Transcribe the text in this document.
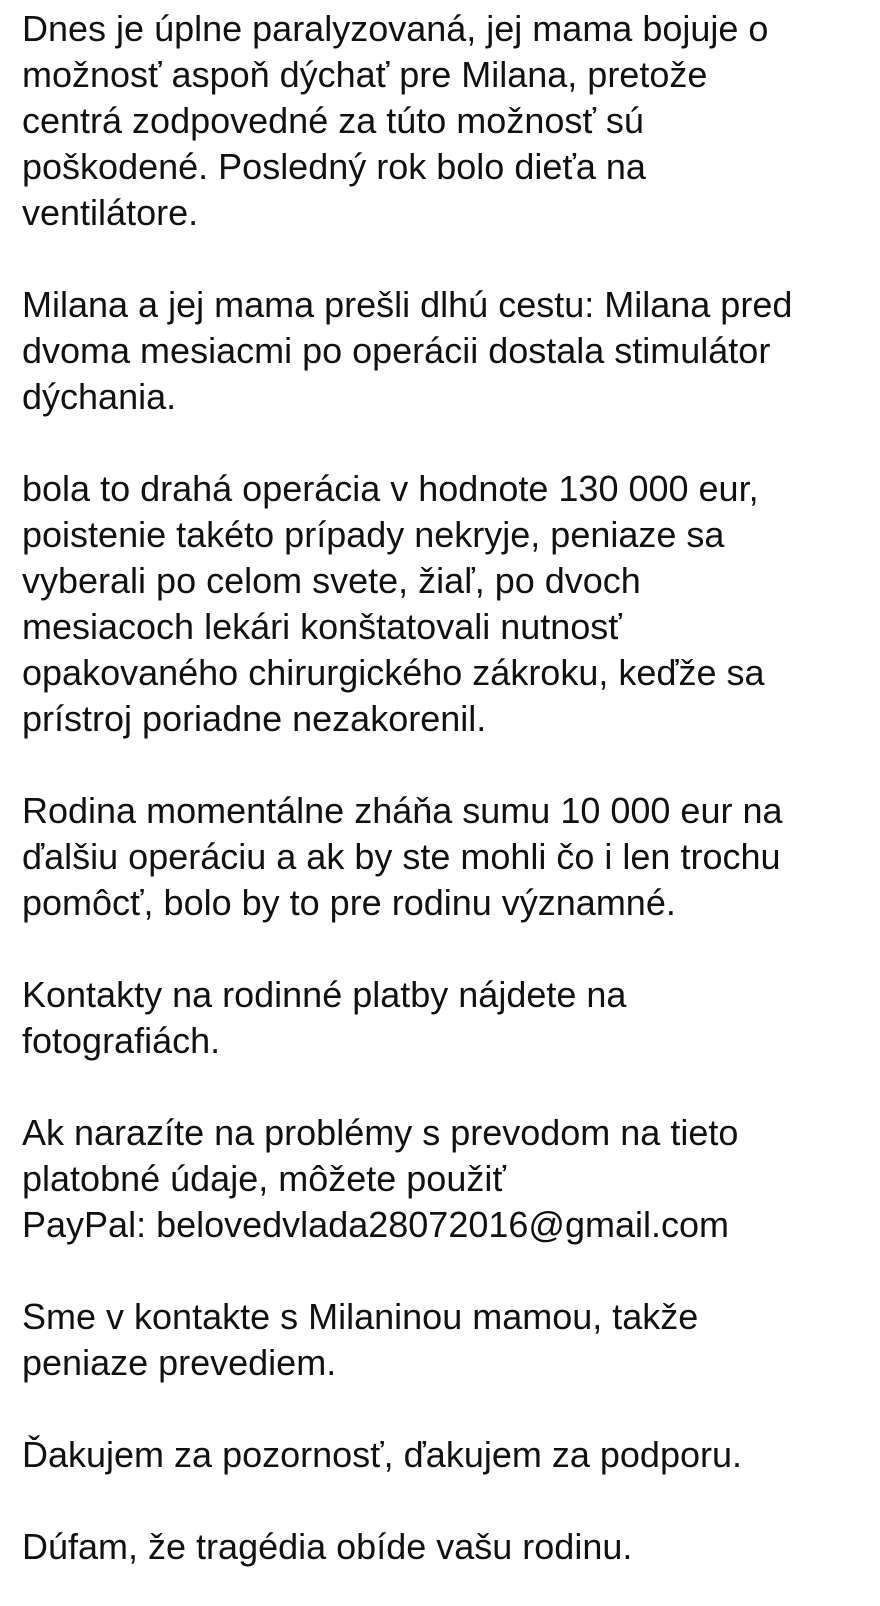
Dnes je úplne paralyzovaná, jej mama bojuje o
možnosť aspoň dýchať pre Milana, pretože
centrá zodpovedné za túto možnosť sú
poškodené. Posledný rok bolo dieťa na
ventilátore.

Milana a jej mama prešli dlhú cestu: Milana pred
dvoma mesiacmi po operácii dostala stimulátor
dýchania.

bola to drahá operácia v hodnote 130 000 eur,
poistenie takéto prípady nekryje, peniaze sa
vyberali po celom svete, žiaľ, po dvoch
mesiacoch lekári konštatovali nutnosť
opakovaného chirurgického zákroku, keďže sa
prístroj poriadne nezakorenil.

Rodina momentálne zháňa sumu 10 000 eur na
ďalšiu operáciu a ak by ste mohli čo i len trochu
pomôcť, bolo by to pre rodinu významné.

Kontakty na rodinné platby nájdete na
fotografiách.

Ak narazíte na problémy s prevodom na tieto
platobné údaje, môžete použiť
PayPal: belovedvlada28072016@gmail.com

Sme v kontakte s Milaninou mamou, takže
peniaze prevediem.

Ďakujem za pozornosť, ďakujem za podporu.

Dúfam, že tragédia obíde vašu rodinu.
